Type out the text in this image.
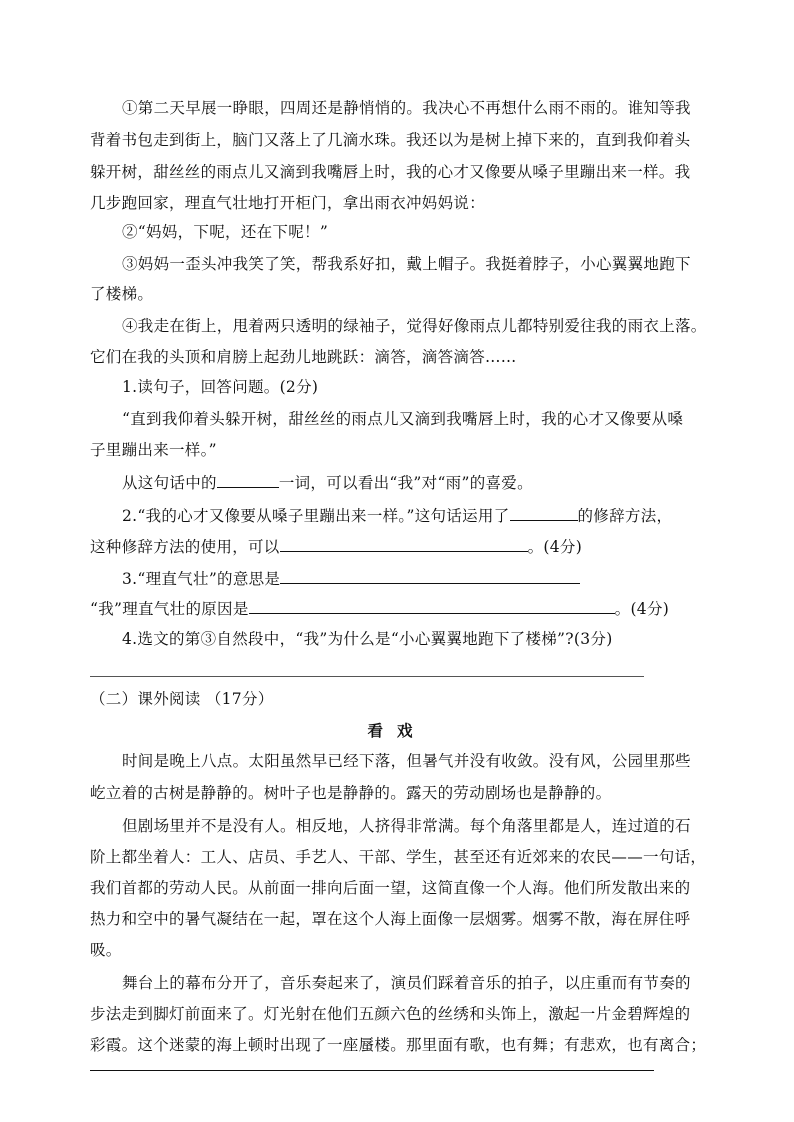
①第二天早展一睁眼，四周还是静悄悄的。我决心不再想什么雨不雨的。谁知等我
背着书包走到街上，脑门又落上了几滴水珠。我还以为是树上掉下来的，直到我仰着头
躲开树，甜丝丝的雨点儿又滴到我嘴唇上时，我的心才又像要从嗓子里蹦出来一样。我
几步跑回家，理直气壮地打开柜门，拿出雨衣冲妈妈说：
②“妈妈，下呢，还在下呢！”
③妈妈一歪头冲我笑了笑，帮我系好扣，戴上帽子。我挺着脖子，小心翼翼地跑下
了楼梯。
④我走在街上，甩着两只透明的绿袖子，觉得好像雨点儿都特别爱往我的雨衣上落。
它们在我的头顶和肩膀上起劲儿地跳跃：滴答，滴答滴答……
1.读句子，回答问题。(2分)
“直到我仰着头躲开树，甜丝丝的雨点儿又滴到我嘴唇上时，我的心才又像要从嗓
子里蹦出来一样。”
从这句话中的	一词，可以看出“我”对“雨”的喜爱。
2.“我的心才又像要从嗓子里蹦出来一样。”这句话运用了	的修辞方法，
这种修辞方法的使用，可以	。(4分)
3.“理直气壮”的意思是
“我”理直气壮的原因是	。(4分)
4.选文的第③自然段中，“我”为什么是“小心翼翼地跑下了楼梯”?(3分)
（二）课外阅读 （17分）
看戏
时间是晚上八点。太阳虽然早已经下落，但暑气并没有收敛。没有风，公园里那些
屹立着的古树是静静的。树叶子也是静静的。露天的劳动剧场也是静静的。
但剧场里并不是没有人。相反地，人挤得非常满。每个角落里都是人，连过道的石
阶上都坐着人：工人、店员、手艺人、干部、学生，甚至还有近郊来的农民——一句话，
我们首都的劳动人民。从前面一排向后面一望，这简直像一个人海。他们所发散出来的
热力和空中的暑气凝结在一起，罩在这个人海上面像一层烟雾。烟雾不散，海在屏住呼
吸。
舞台上的幕布分开了，音乐奏起来了，演员们踩着音乐的拍子，以庄重而有节奏的
步法走到脚灯前面来了。灯光射在他们五颜六色的丝绣和头饰上，激起一片金碧辉煌的
彩霞。这个迷蒙的海上顿时出现了一座蜃楼。那里面有歌，也有舞；有悲欢，也有离合；
